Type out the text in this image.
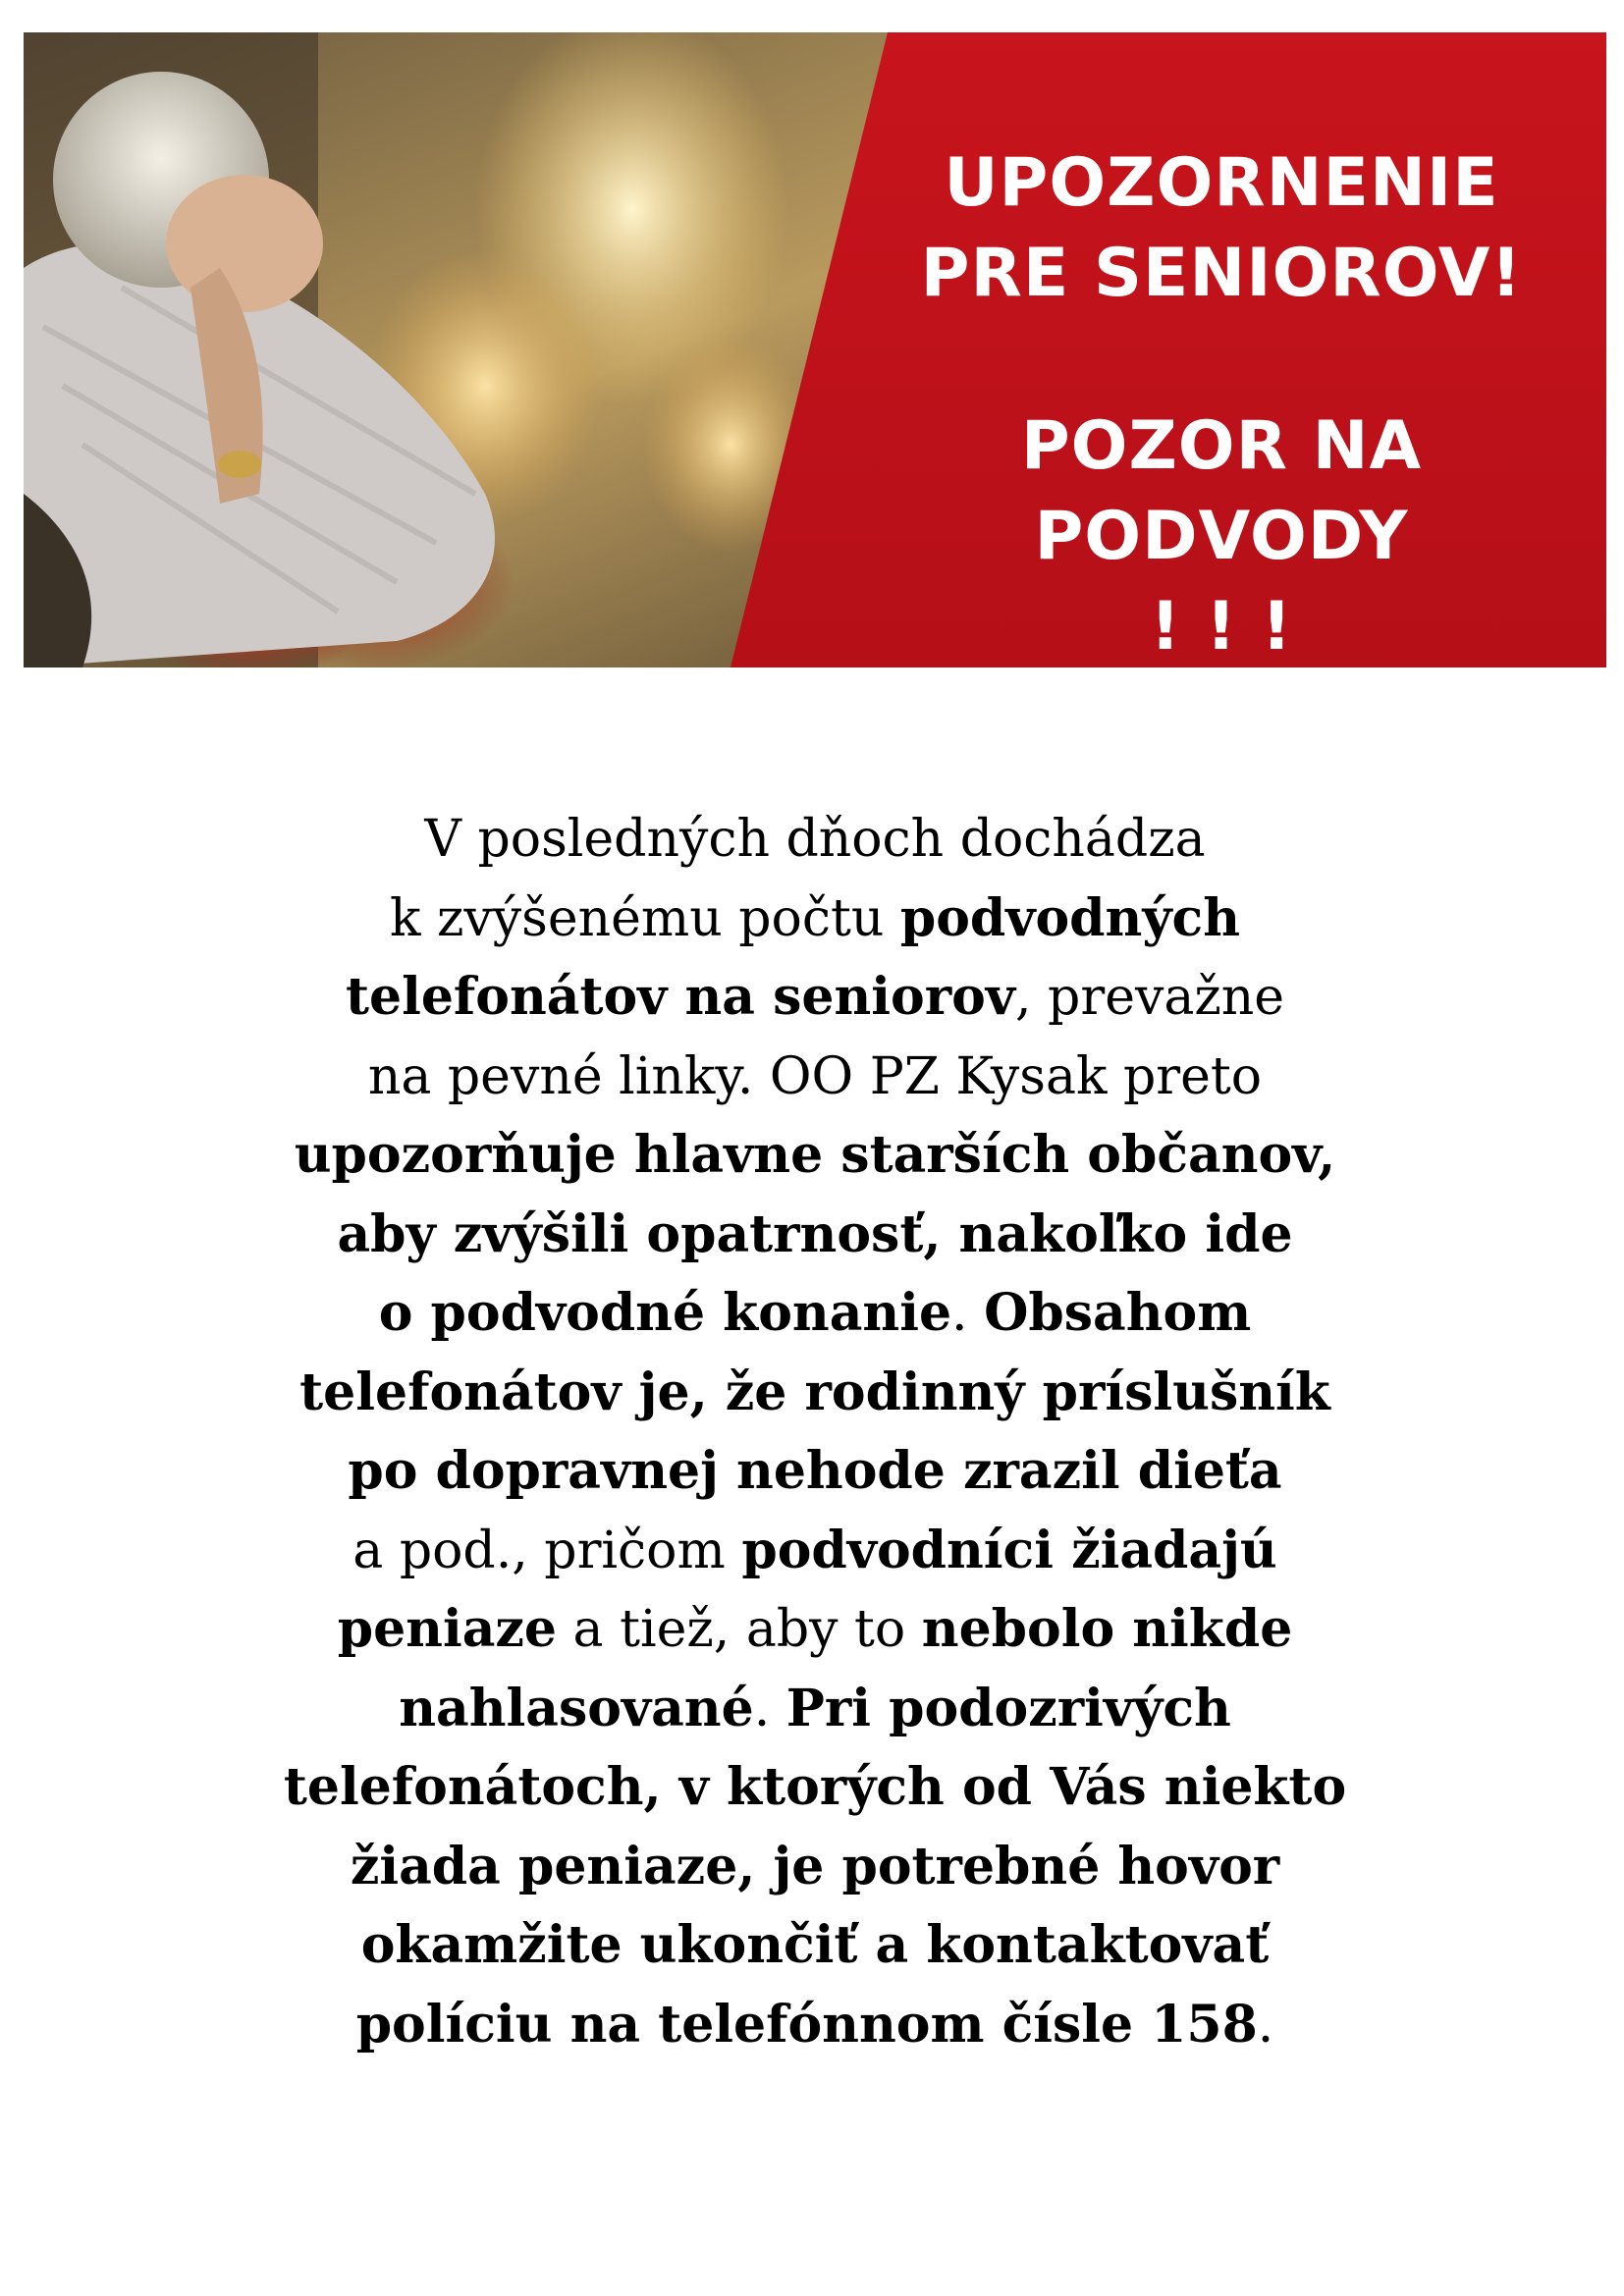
UPOZORNENIE
PRE SENIOROV!
POZOR NA PODVODY
! ! !
V posledných dňoch dochádza
k zvýšenému počtu podvodných
telefonátov na seniorov, prevažne
na pevné linky. OO PZ Kysak preto
upozorňuje hlavne starších občanov,
aby zvýšili opatrnosť, nakoľko ide
o podvodné konanie. Obsahom
telefonátov je, že rodinný príslušník
po dopravnej nehode zrazil dieťa
a pod., pričom podvodníci žiadajú
peniaze a tiež, aby to nebolo nikde
nahlasované. Pri podozrivých
telefonátoch, v ktorých od Vás niekto
žiada peniaze, je potrebné hovor
okamžite ukončiť a kontaktovať
políciu na telefónnom čísle 158.
